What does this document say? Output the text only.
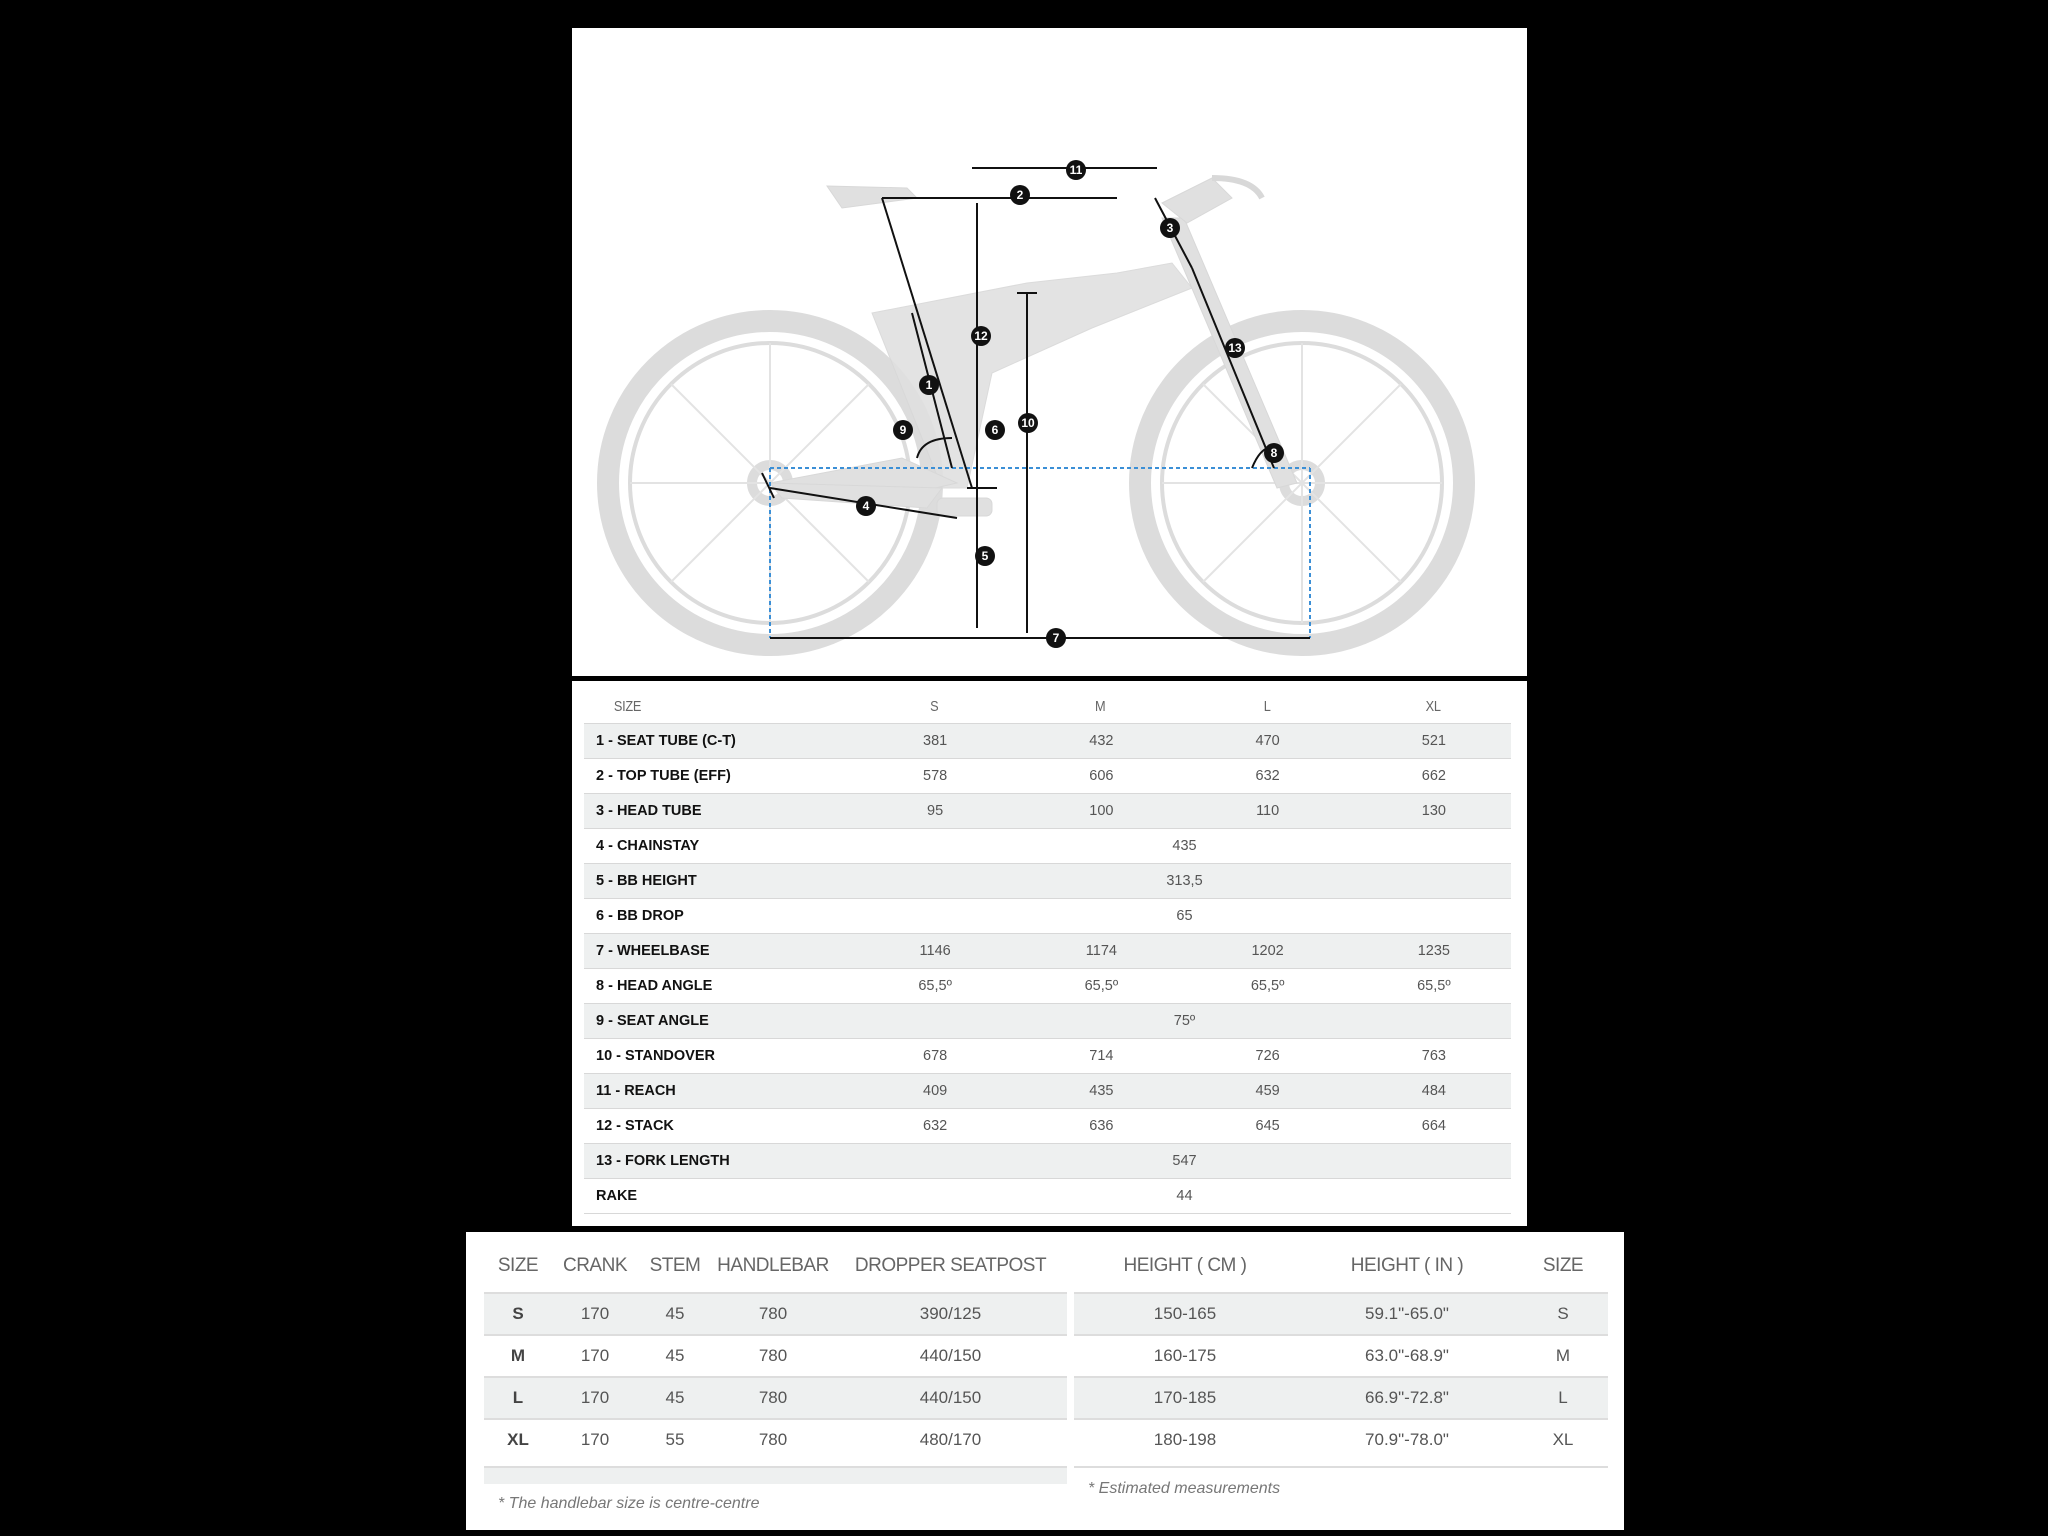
1
2
3
4
5
6
7
8
9	10
11
12
13
SIZE	S	M	L	XL
1 - SEAT TUBE (C-T)	381	432	470	521
2 - TOP TUBE (EFF)	578	606	632	662
3 - HEAD TUBE	95	100	110	130
4 - CHAINSTAY	435			
5 - BB HEIGHT	313,5			
6 - BB DROP	65			
7 - WHEELBASE	1146	1174	1202	1235
8 - HEAD ANGLE	65,5º	65,5º	65,5º	65,5º
9 - SEAT ANGLE	75º			
10 - STANDOVER	678	714	726	763
11 - REACH	409	435	459	484
12 - STACK	632	636	645	664
13 - FORK LENGTH	547			
RAKE	44			
SIZE	CRANK	STEM	HANDLEBAR	DROPPER SEATPOST
S	170	45	780	390/125
M	170	45	780	440/150
L	170	45	780	440/150
XL	170	55	780	480/170
HEIGHT ( CM )	HEIGHT ( IN )	SIZE
150-165	59.1"-65.0"	S
160-175	63.0"-68.9"	M
170-185	66.9"-72.8"	L
180-198	70.9"-78.0"	XL
* The handlebar size is centre-centre
* Estimated measurements
